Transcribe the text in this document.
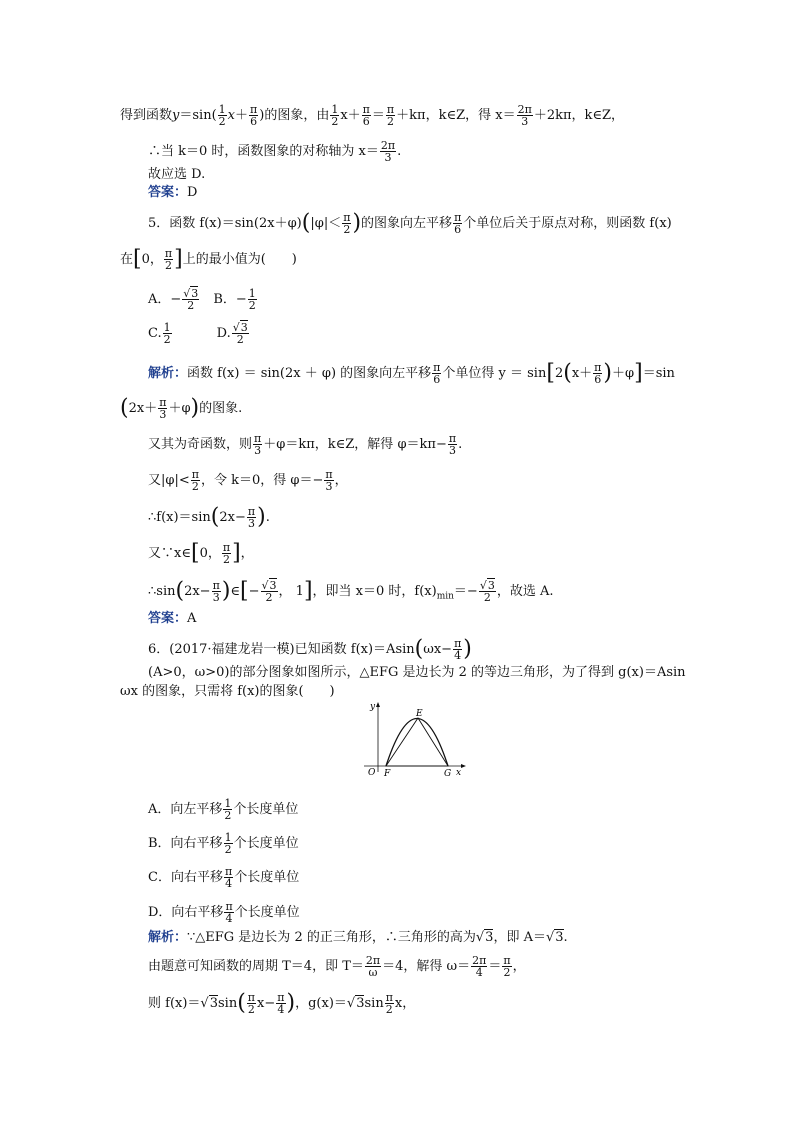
得到函数$y=\sin( \frac{1}{2} x+ \frac{\pi}{6}$ )的图象，由 $\frac{1}{2} x+ \frac{\pi}{6} = \frac{\pi}{2} +k\pi$，k∈Z，得 $x= \frac{2\pi}{3} +2k\pi$，k∈Z，
∴当 k＝0 时，函数图象的对称轴为 $x= \frac{2\pi}{3}$ .
故应选 D.
答案：D
5．函数 $f(x)=\sin(2x+\varphi)(|\varphi|< \frac{\pi}{2}$ )的图象向左平移 $\frac{\pi}{6}$ 个单位后关于原点对称，则函数 f(x)
在[0， $\frac{\pi}{2}$ ]上的最小值为(　　)
A．− $\frac{√3}{2}$
　 B．− $\frac{1}{2}$
C. $\frac{1}{2}$	D. $\frac{√3}{2}$
解析：函数 f(x) ＝ sin(2x ＋ φ) 的图象向左平移 $\frac{\pi}{6}$ 个单位得 $y = \sin[2(x+ \frac{\pi}{6} )+\varphi]=\sin$
$(2x+ \frac{\pi}{3} +\varphi)$的图象.
又其为奇函数，则 $\frac{\pi}{3} +\varphi=k\pi$，k∈Z，解得 $\varphi=k\pi- \frac{\pi}{3}$ .
又$|\varphi|< \frac{\pi}{2}$ ，令 k＝0，得 $\varphi=- \frac{\pi}{3}$ ，
∴f(x)＝sin(2x− $\frac{\pi}{3}$ ).
又∵x∈[0， $\frac{\pi}{2}$ ]，
∴sin(2x− $\frac{\pi}{3}$ )∈[− $\frac{√3}{2}$ ， 1]，即当 x＝0 时，$f(x)_{min}=- \frac{√3}{2}$ ，故选 A.
答案：A
6．(2017·福建龙岩一模)已知函数 $f(x)=Asin(\omega x- \frac{\pi}{4}$ )
(A>0，ω>0)的部分图象如图所示，△EFG 是边长为 2 的等边三角形，为了得到 g(x)＝Asin
ωx 的图象，只需将 f(x)的图象(　　)
y
x
O F
E
G
A．向左平移 $\frac{1}{2}$ 个长度单位
B．向右平移 $\frac{1}{2}$ 个长度单位
C．向右平移 $\frac{\pi}{4}$ 个长度单位
D．向右平移 $\frac{\pi}{4}$ 个长度单位
解析：∵△EFG 是边长为 2 的正三角形，∴三角形的高为√3，即 A＝√3.
由题意可知函数的周期 T＝4，即 $T= \frac{2\pi}{\omega} =4$，解得 $\omega= \frac{2\pi}{4} = \frac{\pi}{2}$ ，
则 $f(x)=√3\sin( \frac{\pi}{2} x- \frac{\pi}{4}$ )，$g(x)=√3\sin \frac{\pi}{2}$ x，
